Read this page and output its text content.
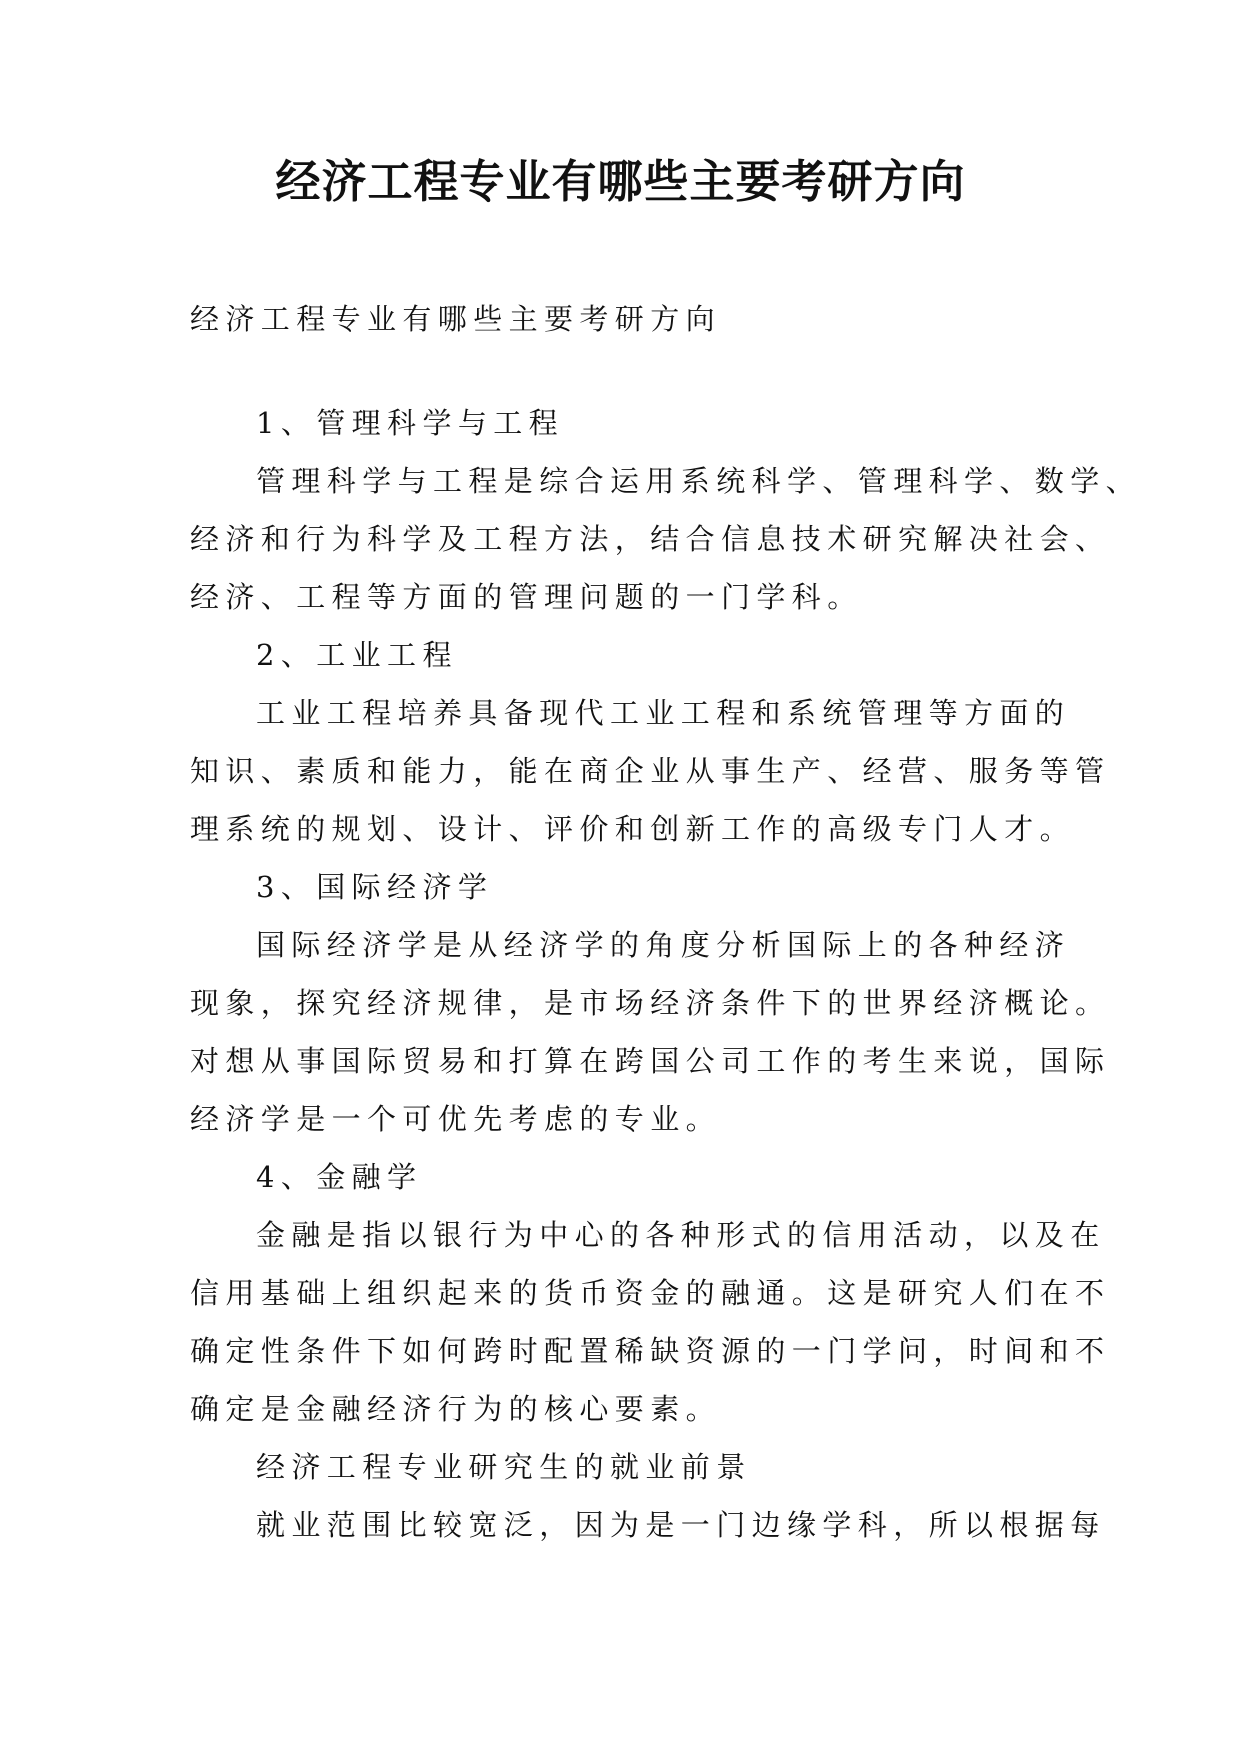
经济工程专业有哪些主要考研方向

经济工程专业有哪些主要考研方向

1、管理科学与工程

管理科学与工程是综合运用系统科学、管理科学、数学、

经济和行为科学及工程方法，结合信息技术研究解决社会、

经济、工程等方面的管理问题的一门学科。

2、工业工程

工业工程培养具备现代工业工程和系统管理等方面的

知识、素质和能力，能在商企业从事生产、经营、服务等管

理系统的规划、设计、评价和创新工作的高级专门人才。

3、国际经济学

国际经济学是从经济学的角度分析国际上的各种经济

现象，探究经济规律，是市场经济条件下的世界经济概论。

对想从事国际贸易和打算在跨国公司工作的考生来说，国际

经济学是一个可优先考虑的专业。

4、金融学

金融是指以银行为中心的各种形式的信用活动，以及在

信用基础上组织起来的货币资金的融通。这是研究人们在不

确定性条件下如何跨时配置稀缺资源的一门学问，时间和不

确定是金融经济行为的核心要素。

经济工程专业研究生的就业前景

就业范围比较宽泛，因为是一门边缘学科，所以根据每
